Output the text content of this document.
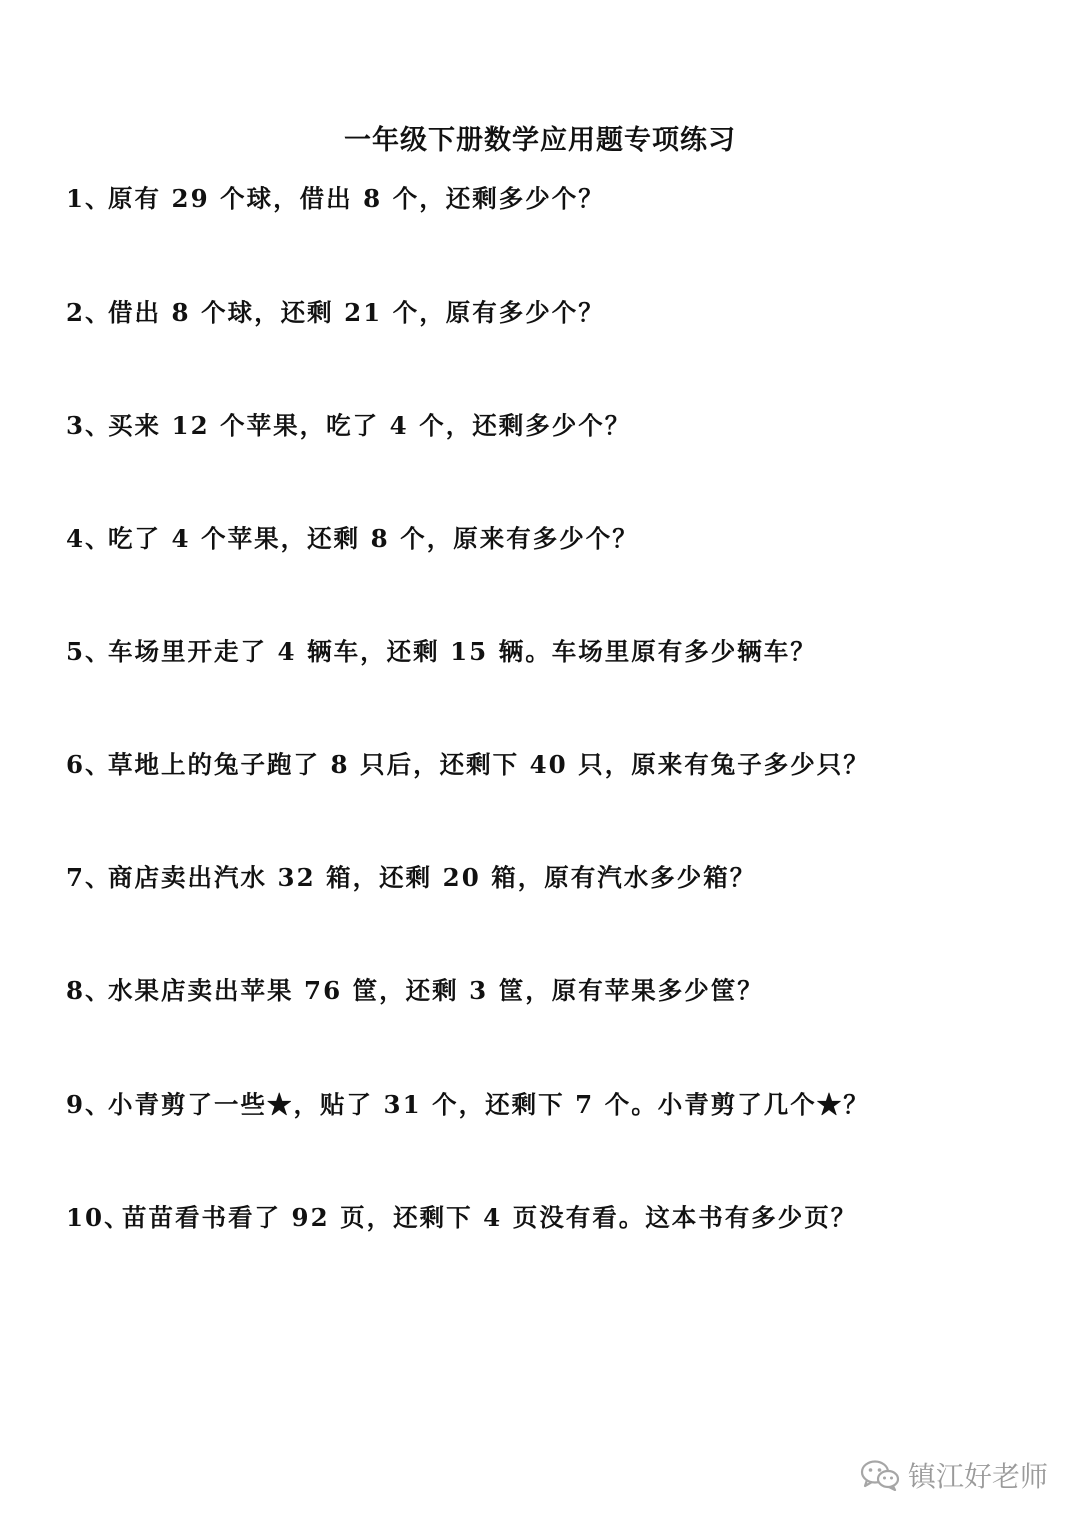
一年级下册数学应用题专项练习
1、原有 29 个球，借出 8 个，还剩多少个？
2、借出 8 个球，还剩 21 个，原有多少个？
3、买来 12 个苹果，吃了 4 个，还剩多少个？
4、吃了 4 个苹果，还剩 8 个，原来有多少个？
5、车场里开走了 4 辆车，还剩 15 辆。车场里原有多少辆车？
6、草地上的兔子跑了 8 只后，还剩下 40 只，原来有兔子多少只？
7、商店卖出汽水 32 箱，还剩 20 箱，原有汽水多少箱？
8、水果店卖出苹果 76 筐，还剩 3 筐，原有苹果多少筐？
9、小青剪了一些★，贴了 31 个，还剩下 7 个。小青剪了几个★？
10、苗苗看书看了 92 页，还剩下 4 页没有看。这本书有多少页？
镇江好老师
